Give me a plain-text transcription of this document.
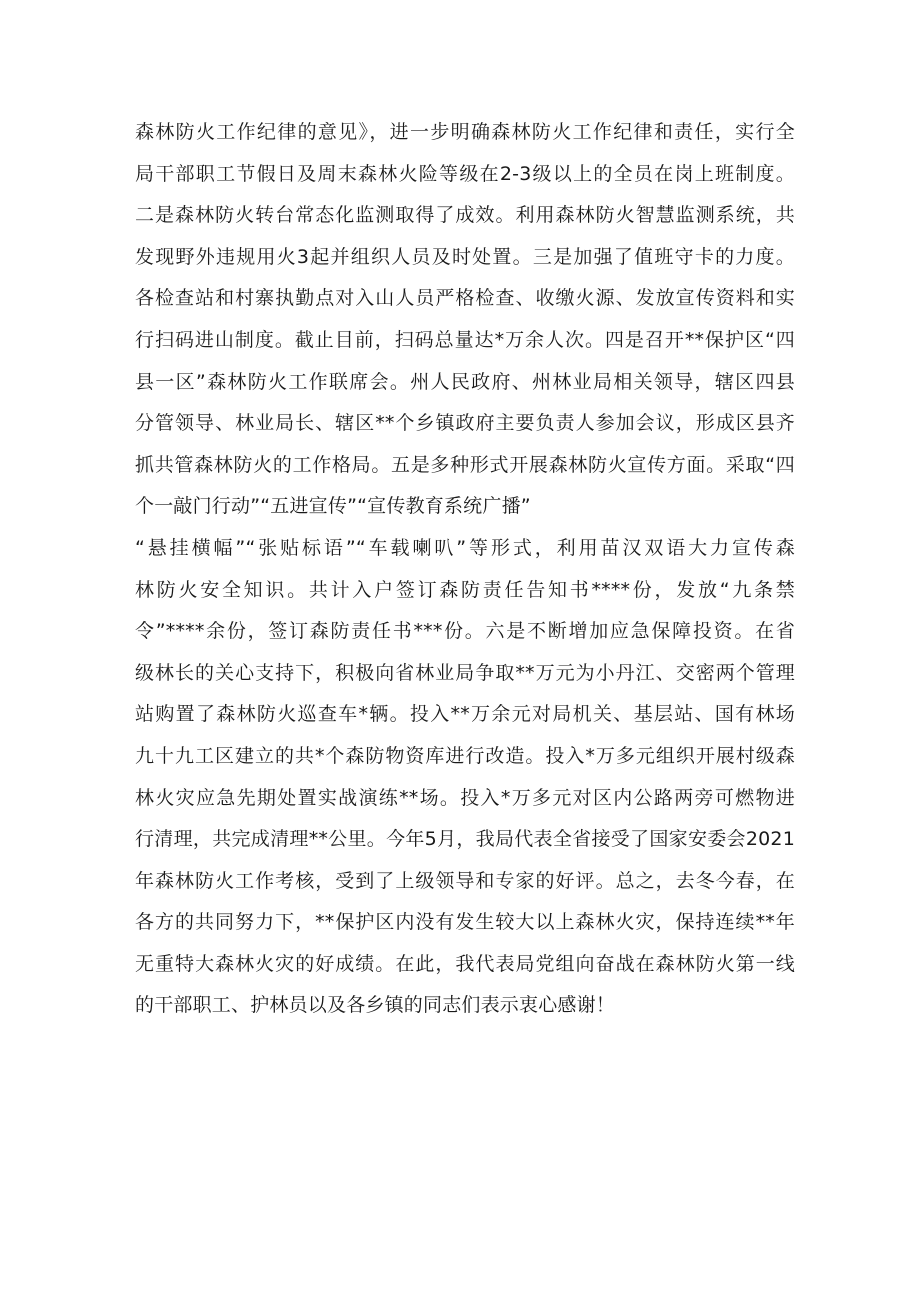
森林防火工作纪律的意见》，进一步明确森林防火工作纪律和责任，实行全
局干部职工节假日及周末森林火险等级在2-3级以上的全员在岗上班制度。
二是森林防火转台常态化监测取得了成效。利用森林防火智慧监测系统，共
发现野外违规用火3起并组织人员及时处置。三是加强了值班守卡的力度。
各检查站和村寨执勤点对入山人员严格检查、收缴火源、发放宣传资料和实
行扫码进山制度。截止目前，扫码总量达*万余人次。四是召开**保护区“四
县一区”森林防火工作联席会。州人民政府、州林业局相关领导，辖区四县
分管领导、林业局长、辖区**个乡镇政府主要负责人参加会议，形成区县齐
抓共管森林防火的工作格局。五是多种形式开展森林防火宣传方面。采取“四
个一敲门行动”“五进宣传”“宣传教育系统广播”
“悬挂横幅”“张贴标语”“车载喇叭”等形式，利用苗汉双语大力宣传森
林防火安全知识。共计入户签订森防责任告知书****份，发放“九条禁
令”****余份，签订森防责任书***份。六是不断增加应急保障投资。在省
级林长的关心支持下，积极向省林业局争取**万元为小丹江、交密两个管理
站购置了森林防火巡查车*辆。投入**万余元对局机关、基层站、国有林场
九十九工区建立的共*个森防物资库进行改造。投入*万多元组织开展村级森
林火灾应急先期处置实战演练**场。投入*万多元对区内公路两旁可燃物进
行清理，共完成清理**公里。今年5月，我局代表全省接受了国家安委会2021
年森林防火工作考核，受到了上级领导和专家的好评。总之，去冬今春，在
各方的共同努力下，**保护区内没有发生较大以上森林火灾，保持连续**年
无重特大森林火灾的好成绩。在此，我代表局党组向奋战在森林防火第一线
的干部职工、护林员以及各乡镇的同志们表示衷心感谢！
